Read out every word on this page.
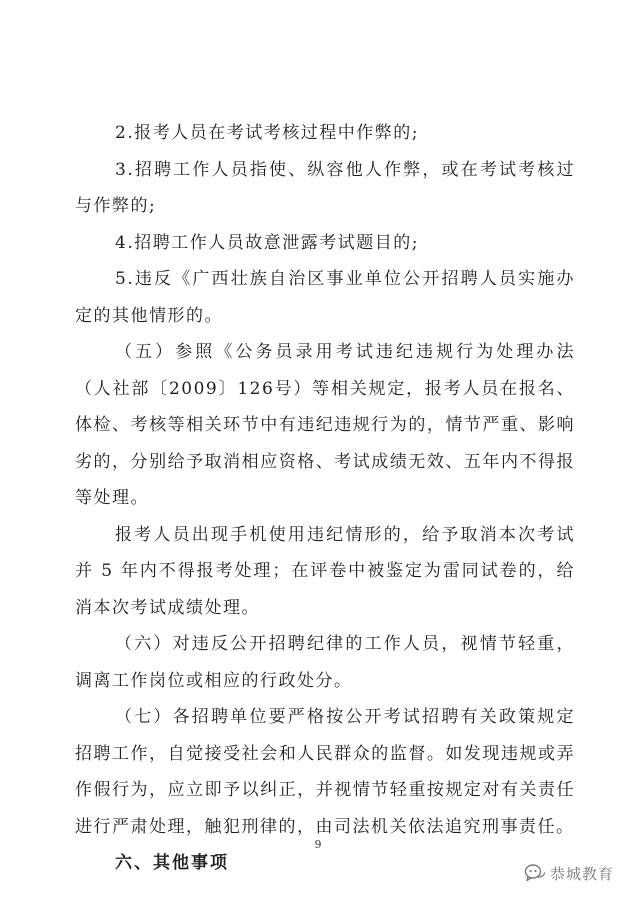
2.报考人员在考试考核过程中作弊的;
3.招聘工作人员指使、纵容他人作弊，或在考试考核过
与作弊的;
4.招聘工作人员故意泄露考试题目的;
5.违反《广西壮族自治区事业单位公开招聘人员实施办
定的其他情形的。
（五）参照《公务员录用考试违纪违规行为处理办法
（人社部〔2009〕126号）等相关规定，报考人员在报名、
体检、考核等相关环节中有违纪违规行为的，情节严重、影响
劣的，分别给予取消相应资格、考试成绩无效、五年内不得报
等处理。
报考人员出现手机使用违纪情形的，给予取消本次考试
并 5 年内不得报考处理；在评卷中被鉴定为雷同试卷的，给
消本次考试成绩处理。
（六）对违反公开招聘纪律的工作人员，视情节轻重，
调离工作岗位或相应的行政处分。
（七）各招聘单位要严格按公开考试招聘有关政策规定
招聘工作，自觉接受社会和人民群众的监督。如发现违规或弄
作假行为，应立即予以纠正，并视情节轻重按规定对有关责任
进行严肃处理，触犯刑律的，由司法机关依法追究刑事责任。
六、其他事项
9
恭城教育
